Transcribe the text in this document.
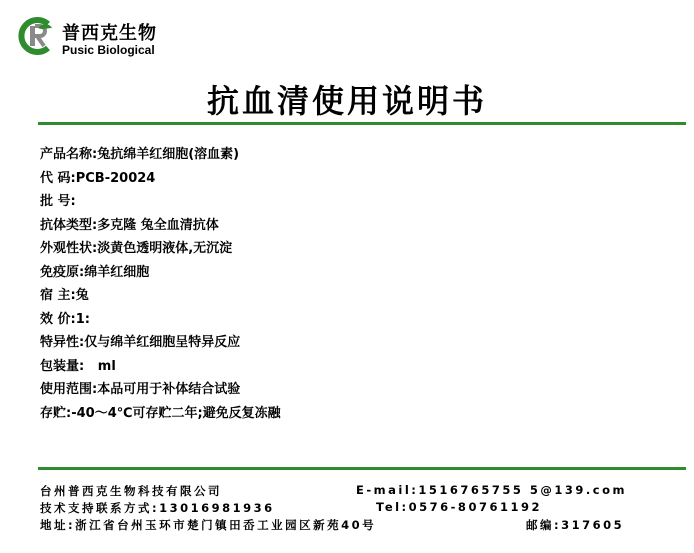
普西克生物
Pusic Biological
抗血清使用说明书
产品名称:兔抗绵羊红细胞(溶血素)
代 码:PCB-20024
批 号:
抗体类型:多克隆 兔全血清抗体
外观性状:淡黄色透明液体,无沉淀
免疫原:绵羊红细胞
宿 主:兔
效 价:1:
特异性:仅与绵羊红细胞呈特异反应
包装量:   ml
使用范围:本品可用于补体结合试验
存贮:-40～4℃可存贮二年;避免反复冻融
台州普西克生物科技有限公司	E-mail:1516765755 5@139.com
技术支持联系方式:13016981936	Tel:0576-80761192
地址:浙江省台州玉环市楚门镇田岙工业园区新苑40号	邮编:317605
